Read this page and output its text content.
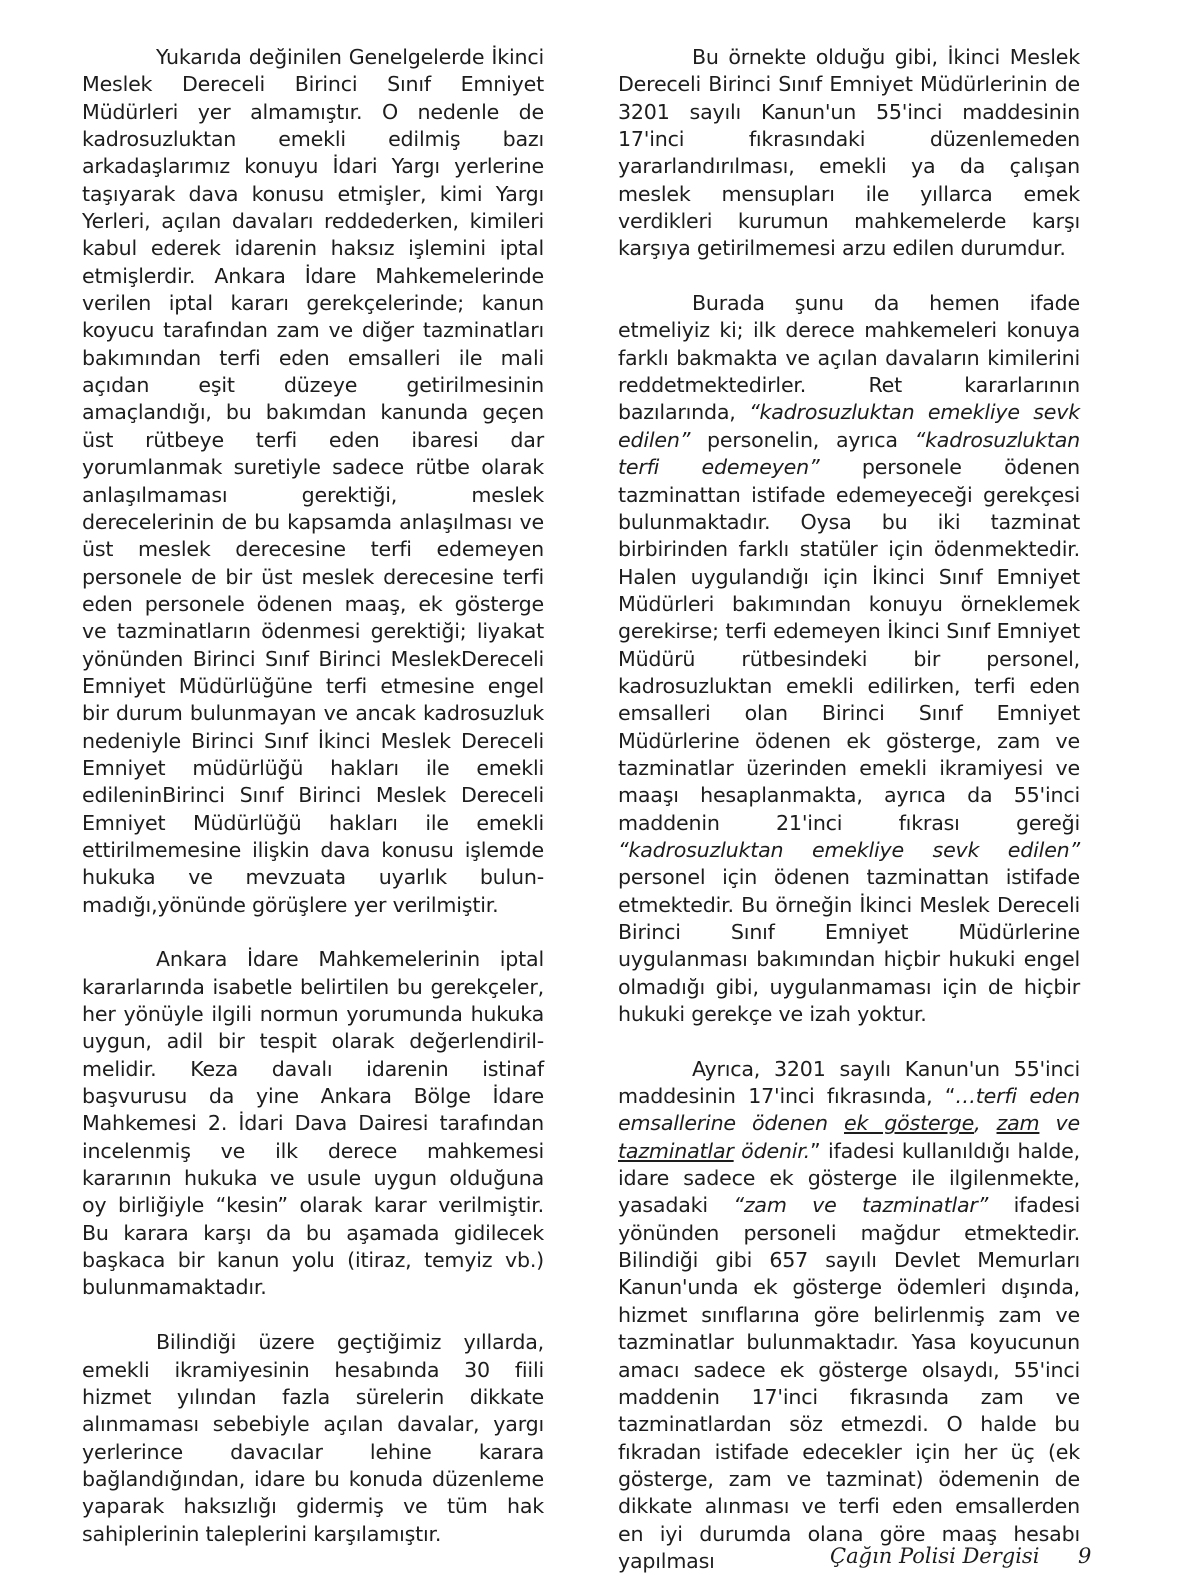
Yukarıda değinilen Genelgelerde İkinci Meslek Dereceli Birinci Sınıf Emniyet Müdürleri yer almamıştır. O nedenle de kadrosuzluktan emekli edilmiş bazı arkadaşlarımız konuyu İdari Yargı yerlerine taşıyarak dava konusu etmişler, kimi Yargı Yerleri, açılan davaları reddederken, kimileri kabul ederek idarenin haksız işlemini iptal etmişlerdir. Ankara İdare Mahkemelerinde verilen iptal kararı gerekçelerinde; kanun koyucu tarafından zam ve diğer tazminatları bakımından terfi eden emsalleri ile mali açıdan eşit düzeye getirilmesinin amaçlandığı, bu bakımdan kanunda geçen üst rütbeye terfi eden ibaresi dar yorumlanmak suretiyle sadece rütbe olarak anlaşılmaması gerektiği, meslek derecelerinin de bu kapsamda anlaşılması ve üst meslek derecesine terfi edemeyen personele de bir üst meslek derecesine terfi eden personele ödenen maaş, ek gösterge ve tazminatların ödenmesi gerektiği; liyakat yönünden Birinci Sınıf Birinci MeslekDereceli Emniyet Müdürlüğüne terfi etmesine engel bir durum bulunmayan ve ancak kadrosuzluk nedeniyle Birinci Sınıf İkinci Meslek Dereceli Emniyet müdürlüğü hakları ile emekli edileninBirinci Sınıf Birinci Meslek Dereceli Emniyet Müdürlüğü hakları ile emekli ettirilmemesine ilişkin dava konusu işlemde hukuka ve mevzuata uyarlık bulun-madığı,yönünde görüşlere yer verilmiştir.

Ankara İdare Mahkemelerinin iptal kararlarında isabetle belirtilen bu gerekçeler, her yönüyle ilgili normun yorumunda hukuka uygun, adil bir tespit olarak değerlendiril-melidir. Keza davalı idarenin istinaf başvurusu da yine Ankara Bölge İdare Mahkemesi 2. İdari Dava Dairesi tarafından incelenmiş ve ilk derece mahkemesi kararının hukuka ve usule uygun olduğuna oy birliğiyle “kesin” olarak karar verilmiştir. Bu karara karşı da bu aşamada gidilecek başkaca bir kanun yolu (itiraz, temyiz vb.) bulunmamaktadır.

Bilindiği üzere geçtiğimiz yıllarda, emekli ikramiyesinin hesabında 30 fiili hizmet yılından fazla sürelerin dikkate alınmaması sebebiyle açılan davalar, yargı yerlerince davacılar lehine karara bağlandığından, idare bu konuda düzenleme yaparak haksızlığı gidermiş ve tüm hak sahiplerinin taleplerini karşılamıştır.

Bu örnekte olduğu gibi, İkinci Meslek Dereceli Birinci Sınıf Emniyet Müdürlerinin de 3201 sayılı Kanun'un 55'inci maddesinin 17'inci fıkrasındaki düzenlemeden yararlandırılması, emekli ya da çalışan meslek mensupları ile yıllarca emek verdikleri kurumun mahkemelerde karşı karşıya getirilmemesi arzu edilen durumdur.

Burada şunu da hemen ifade etmeliyiz ki; ilk derece mahkemeleri konuya farklı bakmakta ve açılan davaların kimilerini reddetmektedirler. Ret kararlarının bazılarında, “kadrosuzluktan emekliye sevk edilen” personelin, ayrıca “kadrosuzluktan terfi edemeyen” personele ödenen tazminattan istifade edemeyeceği gerekçesi bulunmaktadır. Oysa bu iki tazminat birbirinden farklı statüler için ödenmektedir. Halen uygulandığı için İkinci Sınıf Emniyet Müdürleri bakımından konuyu örneklemek gerekirse; terfi edemeyen İkinci Sınıf Emniyet Müdürü rütbesindeki bir personel, kadrosuzluktan emekli edilirken, terfi eden emsalleri olan Birinci Sınıf Emniyet Müdürlerine ödenen ek gösterge, zam ve tazminatlar üzerinden emekli ikramiyesi ve maaşı hesaplanmakta, ayrıca da 55'inci maddenin 21'inci fıkrası gereği “kadrosuzluktan emekliye sevk edilen” personel için ödenen tazminattan istifade etmektedir. Bu örneğin İkinci Meslek Dereceli Birinci Sınıf Emniyet Müdürlerine uygulanması bakımından hiçbir hukuki engel olmadığı gibi, uygulanmaması için de hiçbir hukuki gerekçe ve izah yoktur.

Ayrıca, 3201 sayılı Kanun'un 55'inci maddesinin 17'inci fıkrasında, “…terfi eden emsallerine ödenen ek gösterge, zam ve tazminatlar ödenir.” ifadesi kullanıldığı halde, idare sadece ek gösterge ile ilgilenmekte, yasadaki “zam ve tazminatlar” ifadesi yönünden personeli mağdur etmektedir. Bilindiği gibi 657 sayılı Devlet Memurları Kanun'unda ek gösterge ödemleri dışında, hizmet sınıflarına göre belirlenmiş zam ve tazminatlar bulunmaktadır. Yasa koyucunun amacı sadece ek gösterge olsaydı, 55'inci maddenin 17'inci fıkrasında zam ve tazminatlardan söz etmezdi. O halde bu fıkradan istifade edecekler için her üç (ek gösterge, zam ve tazminat) ödemenin de dikkate alınması ve terfi eden emsallerden en iyi durumda olana göre maaş hesabı yapılması	Çağın Polisi Dergisi 9
